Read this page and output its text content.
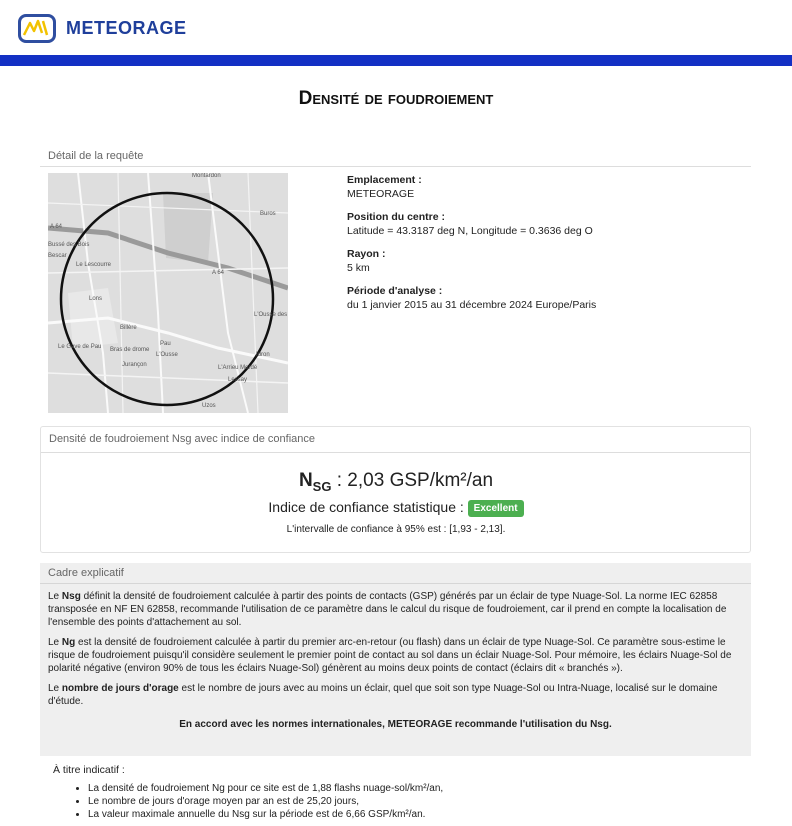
METEORAGE
Densité de foudroiement
Détail de la requête
Montardon
Buros
A 64
Bussé des Bois
Bescar
Le Lescourre
A 64
Lons
Billère
Le Gave de Pau Bras de drome
Pau
L'Ousse
Jurançon	L'Arrieu Merdé
Idron
Lessay
Uzos
L'Ousse des
Emplacement :
METEORAGE
Position du centre :
Latitude = 43.3187 deg N, Longitude = 0.3636 deg O
Rayon :
5 km
Période d'analyse :
du 1 janvier 2015 au 31 décembre 2024 Europe/Paris
Densité de foudroiement Nsg avec indice de confiance
$N_{SG}$ : 2,03 GSP/km²/an
Indice de confiance statistique : Excellent
L'intervalle de confiance à 95% est : [1,93 - 2,13].
Cadre explicatif

Le Nsg définit la densité de foudroiement calculée à partir des points de contacts (GSP) générés par un éclair de type Nuage-Sol. La norme IEC 62858 transposée en NF EN 62858, recommande l'utilisation de ce paramètre dans le calcul du risque de foudroiement, car il prend en compte la localisation de l'ensemble des points d'attachement au sol.

Le Ng est la densité de foudroiement calculée à partir du premier arc-en-retour (ou flash) dans un éclair de type Nuage-Sol. Ce paramètre sous-estime le risque de foudroiement puisqu'il considère seulement le premier point de contact au sol dans un éclair Nuage-Sol. Pour mémoire, les éclairs Nuage-Sol de polarité négative (environ 90% de tous les éclairs Nuage-Sol) génèrent au moins deux points de contact (éclairs dit « branchés »).

Le nombre de jours d'orage est le nombre de jours avec au moins un éclair, quel que soit son type Nuage-Sol ou Intra-Nuage, localisé sur le domaine d'étude.

En accord avec les normes internationales, METEORAGE recommande l'utilisation du Nsg.

À titre indicatif :
• La densité de foudroiement Ng pour ce site est de 1,88 flashs nuage-sol/km²/an,
• Le nombre de jours d'orage moyen par an est de 25,20 jours,
• La valeur maximale annuelle du Nsg sur la période est de 6,66 GSP/km²/an.
